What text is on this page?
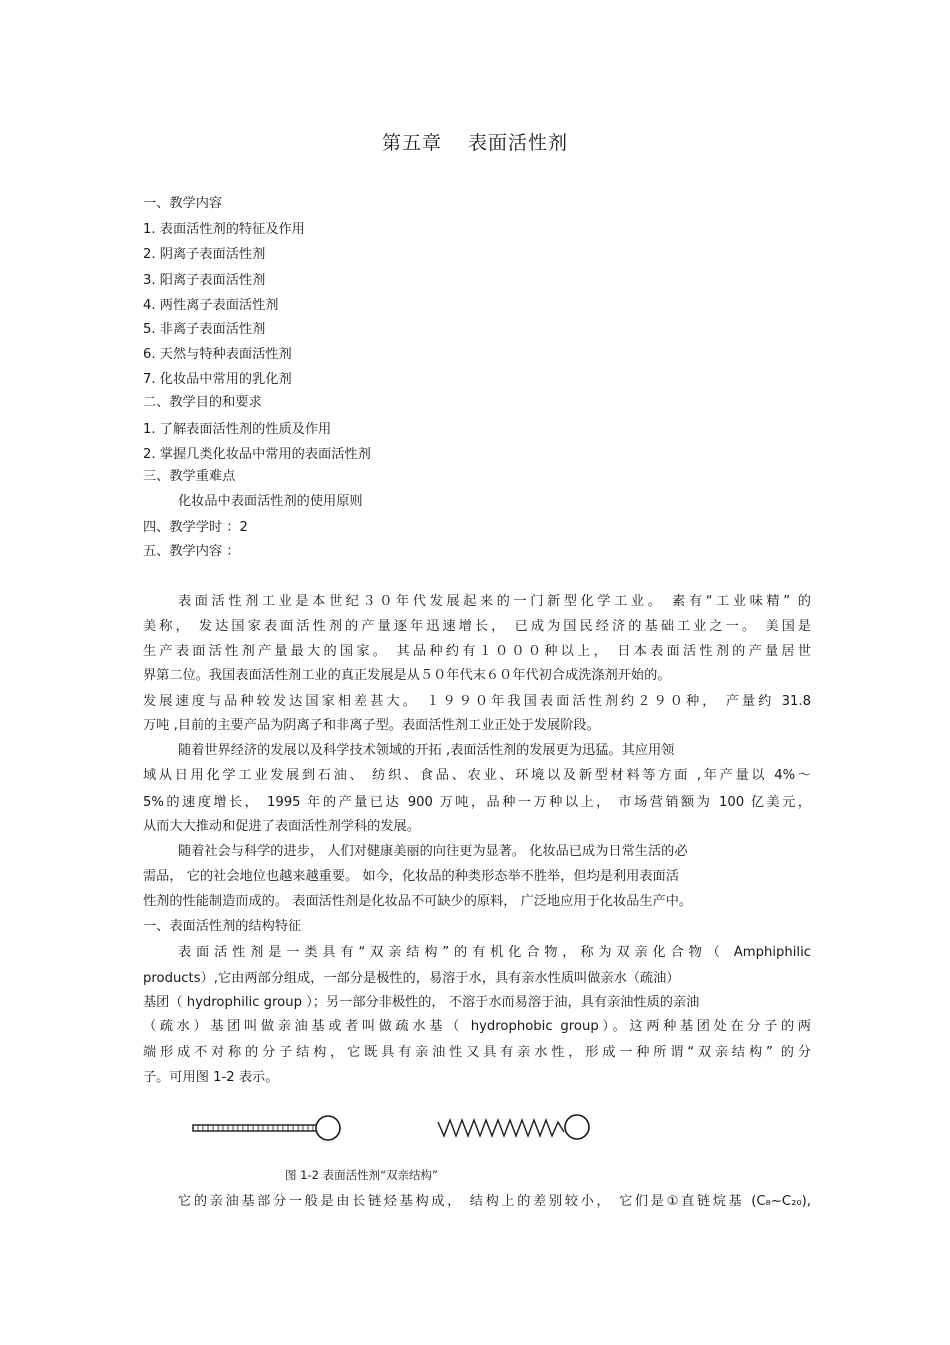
第五章 表面活性剂
一、教学内容
1. 表面活性剂的特征及作用
2. 阴离子表面活性剂
3. 阳离子表面活性剂
4. 两性离子表面活性剂
5. 非离子表面活性剂
6. 天然与特种表面活性剂
7. 化妆品中常用的乳化剂
二、教学目的和要求
1. 了解表面活性剂的性质及作用
2. 掌握几类化妆品中常用的表面活性剂
三、教学重难点
化妆品中表面活性剂的使用原则
四、教学学时 ：2
五、教学内容 ：
表面活性剂工业是本世纪３０年代发展起来的一门新型化学工业。 素有“工业味精” 的
美称， 发达国家表面活性剂的产量逐年迅速增长， 已成为国民经济的基础工业之一。 美国是
生产表面活性剂产量最大的国家。 其品种约有１０００种以上， 日本表面活性剂的产量居世
界第二位。我国表面活性剂工业的真正发展是从５０年代末６０年代初合成洗涤剂开始的。
发展速度与品种较发达国家相差甚大。 １９９０年我国表面活性剂约２９０种， 产量约 31.8
万吨 ,目前的主要产品为阴离子和非离子型。表面活性剂工业正处于发展阶段。
随着世界经济的发展以及科学技术领域的开拓 ,表面活性剂的发展更为迅猛。其应用领
域从日用化学工业发展到石油、 纺织、食品、农业、环境以及新型材料等方面 ,年产量以 4%～
5%的速度增长， 1995 年的产量已达 900 万吨，品种一万种以上， 市场营销额为 100 亿美元，
从而大大推动和促进了表面活性剂学科的发展。
随着社会与科学的进步， 人们对健康美丽的向往更为显著。 化妆品已成为日常生活的必
需品， 它的社会地位也越来越重要。 如今，化妆品的种类形态举不胜举，但均是利用表面活
性剂的性能制造而成的。 表面活性剂是化妆品不可缺少的原料， 广泛地应用于化妆品生产中。
一、表面活性剂的结构特征
表面活性剂是一类具有“双亲结构”的有机化合物，称为双亲化合物（ Amphiphilic
products）,它由两部分组成，一部分是极性的，易溶于水，具有亲水性质叫做亲水（疏油）
基团（ hydrophilic group ）；另一部分非极性的， 不溶于水而易溶于油，具有亲油性质的亲油
（疏水）基团叫做亲油基或者叫做疏水基（ hydrophobic group）。这两种基团处在分子的两
端形成不对称的分子结构，它既具有亲油性又具有亲水性，形成一种所谓“双亲结构” 的分
子。可用图 1-2 表示。
图 1-2 表面活性剂“双亲结构”
它的亲油基部分一般是由长链烃基构成， 结构上的差别较小， 它们是①直链烷基 (C₈~C₂₀),
